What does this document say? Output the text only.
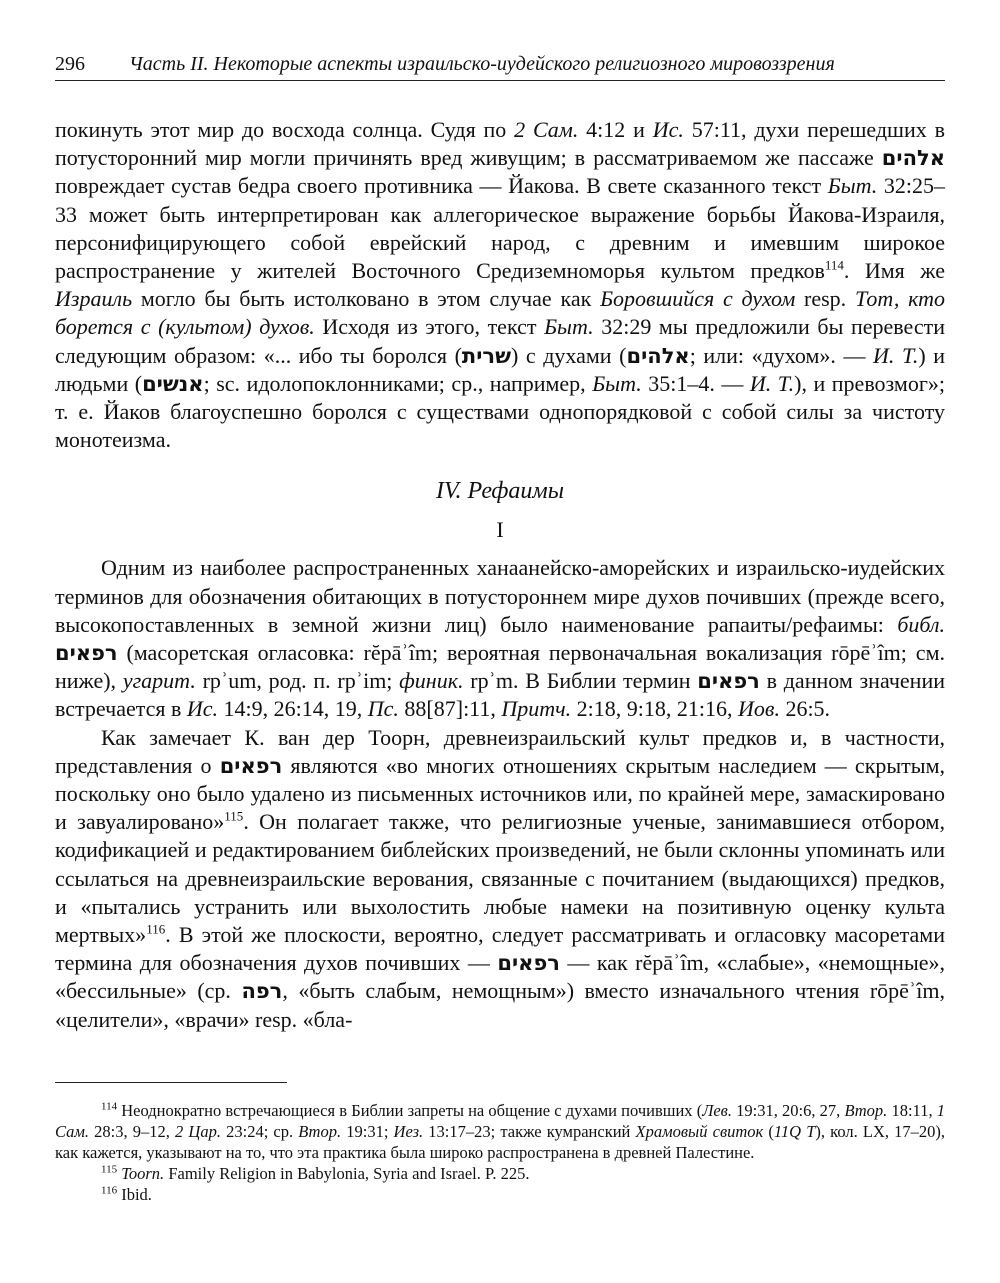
296 Часть II. Некоторые аспекты израильско-иудейского религиозного мировоззрения

покинуть этот мир до восхода солнца. Судя по 2 Сам. 4:12 и Ис. 57:11, духи перешедших в потусторонний мир могли причинять вред живущим; в рассматриваемом же пассаже אלהים повреждает сустав бедра своего противника — Йакова. В свете сказанного текст Быт. 32:25–33 может быть интерпретирован как аллегорическое выражение борьбы Йакова-Израиля, персонифицирующего собой еврейский народ, с древним и имевшим широкое распространение у жителей Восточного Средиземноморья культом предков$^{114}$. Имя же Израиль могло бы быть истолковано в этом случае как Боровшийся с духом resp. Тот, кто борется с (культом) духов. Исходя из этого, текст Быт. 32:29 мы предложили бы перевести следующим образом: «... ибо ты боролся (שרית) с духами (אלהים; или: «духом». — И. Т.) и людьми (אנשים; sc. идолопоклонниками; ср., например, Быт. 35:1–4. — И. Т.), и превозмог»; т. е. Йаков благоуспешно боролся с существами однопорядковой с собой силы за чистоту монотеизма.

IV. Рефаимы
I

Одним из наиболее распространенных ханаанейско-аморейских и израильско-иудейских терминов для обозначения обитающих в потустороннем мире духов почивших (прежде всего, высокопоставленных в земной жизни лиц) было наименование рапаиты/рефаимы: библ. רפאים (масоретская огласовка: rĕpāʾîm; вероятная первоначальная вокализация rōpēʾîm; см. ниже), угарит. rpʾum, род. п. rpʾim; финик. rpʾm. В Библии термин רפאים в данном значении встречается в Ис. 14:9, 26:14, 19, Пс. 88[87]:11, Притч. 2:18, 9:18, 21:16, Иов. 26:5.

Как замечает К. ван дер Тоорн, древнеизраильский культ предков и, в частности, представления о רפאים являются «во многих отношениях скрытым наследием — скрытым, поскольку оно было удалено из письменных источников или, по крайней мере, замаскировано и завуалировано»$^{115}$. Он полагает также, что религиозные ученые, занимавшиеся отбором, кодификацией и редактированием библейских произведений, не были склонны упоминать или ссылаться на древнеизраильские верования, связанные с почитанием (выдающихся) предков, и «пытались устранить или выхолостить любые намеки на позитивную оценку культа мертвых»$^{116}$. В этой же плоскости, вероятно, следует рассматривать и огласовку масоретами термина для обозначения духов почивших — רפאים — как rĕpāʾîm, «слабые», «немощные», «бессильные» (ср. רפה, «быть слабым, немощным») вместо изначального чтения rōpēʾîm, «целители», «врачи» resp. «бла-

$^{114}$ Неоднократно встречающиеся в Библии запреты на общение с духами почивших (Лев. 19:31, 20:6, 27, Втор. 18:11, 1 Сам. 28:3, 9–12, 2 Цар. 23:24; ср. Втор. 19:31; Иез. 13:17–23; также кумранский Храмовый свиток (11Q T), кол. LX, 17–20), как кажется, указывают на то, что эта практика была широко распространена в древней Палестине.

$^{115}$ Toorn. Family Religion in Babylonia, Syria and Israel. P. 225.

$^{116}$ Ibid.
